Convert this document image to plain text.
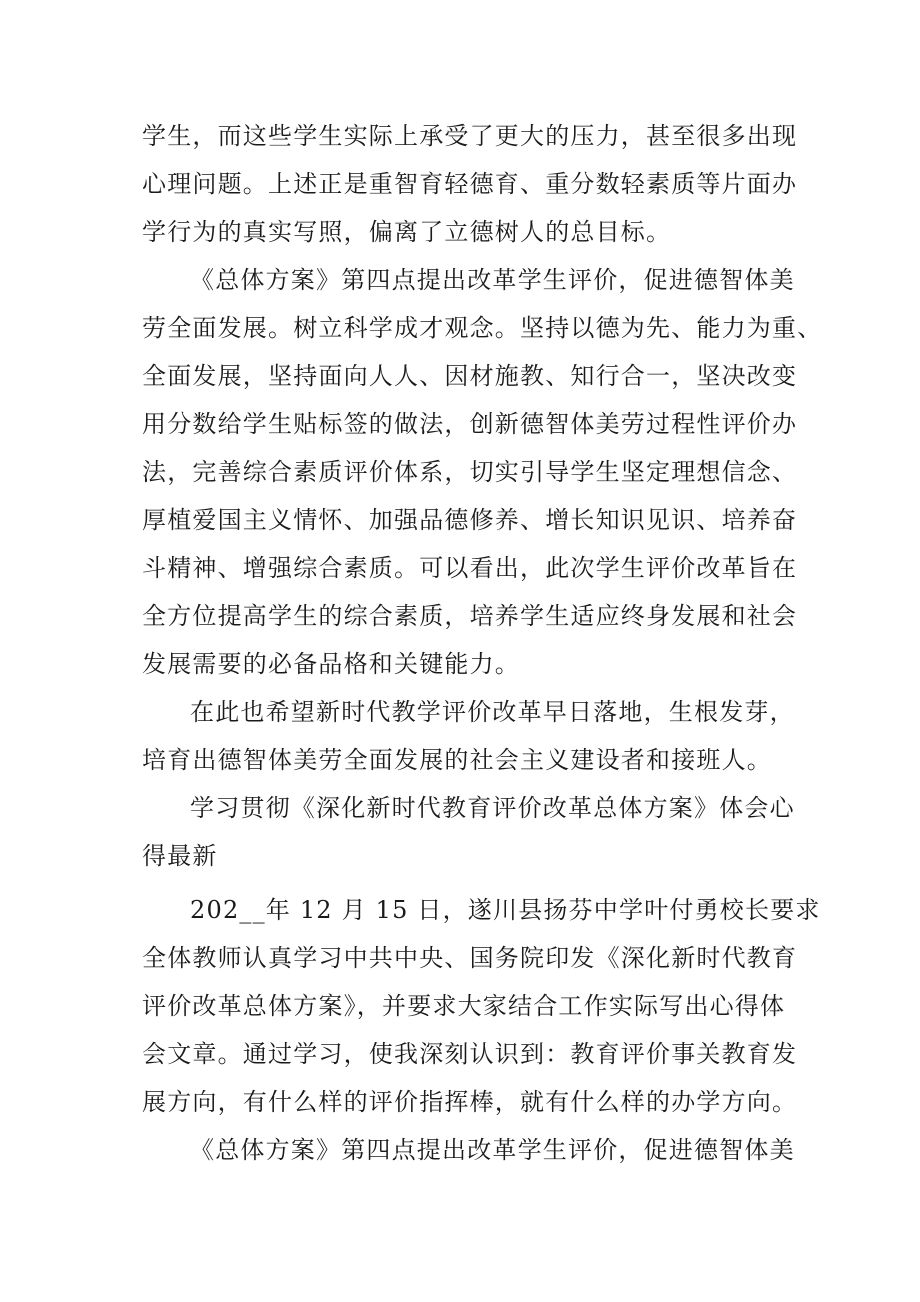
学生，而这些学生实际上承受了更大的压力，甚至很多出现
心理问题。上述正是重智育轻德育、重分数轻素质等片面办
学行为的真实写照，偏离了立德树人的总目标。
《总体方案》第四点提出改革学生评价，促进德智体美
劳全面发展。树立科学成才观念。坚持以德为先、能力为重、
全面发展，坚持面向人人、因材施教、知行合一，坚决改变
用分数给学生贴标签的做法，创新德智体美劳过程性评价办
法，完善综合素质评价体系，切实引导学生坚定理想信念、
厚植爱国主义情怀、加强品德修养、增长知识见识、培养奋
斗精神、增强综合素质。可以看出，此次学生评价改革旨在
全方位提高学生的综合素质，培养学生适应终身发展和社会
发展需要的必备品格和关键能力。
在此也希望新时代教学评价改革早日落地，生根发芽，
培育出德智体美劳全面发展的社会主义建设者和接班人。
学习贯彻《深化新时代教育评价改革总体方案》体会心
得最新
202__年 12 月 15 日，遂川县扬芬中学叶付勇校长要求
全体教师认真学习中共中央、国务院印发《深化新时代教育
评价改革总体方案》，并要求大家结合工作实际写出心得体
会文章。通过学习，使我深刻认识到：教育评价事关教育发
展方向，有什么样的评价指挥棒，就有什么样的办学方向。
《总体方案》第四点提出改革学生评价，促进德智体美
